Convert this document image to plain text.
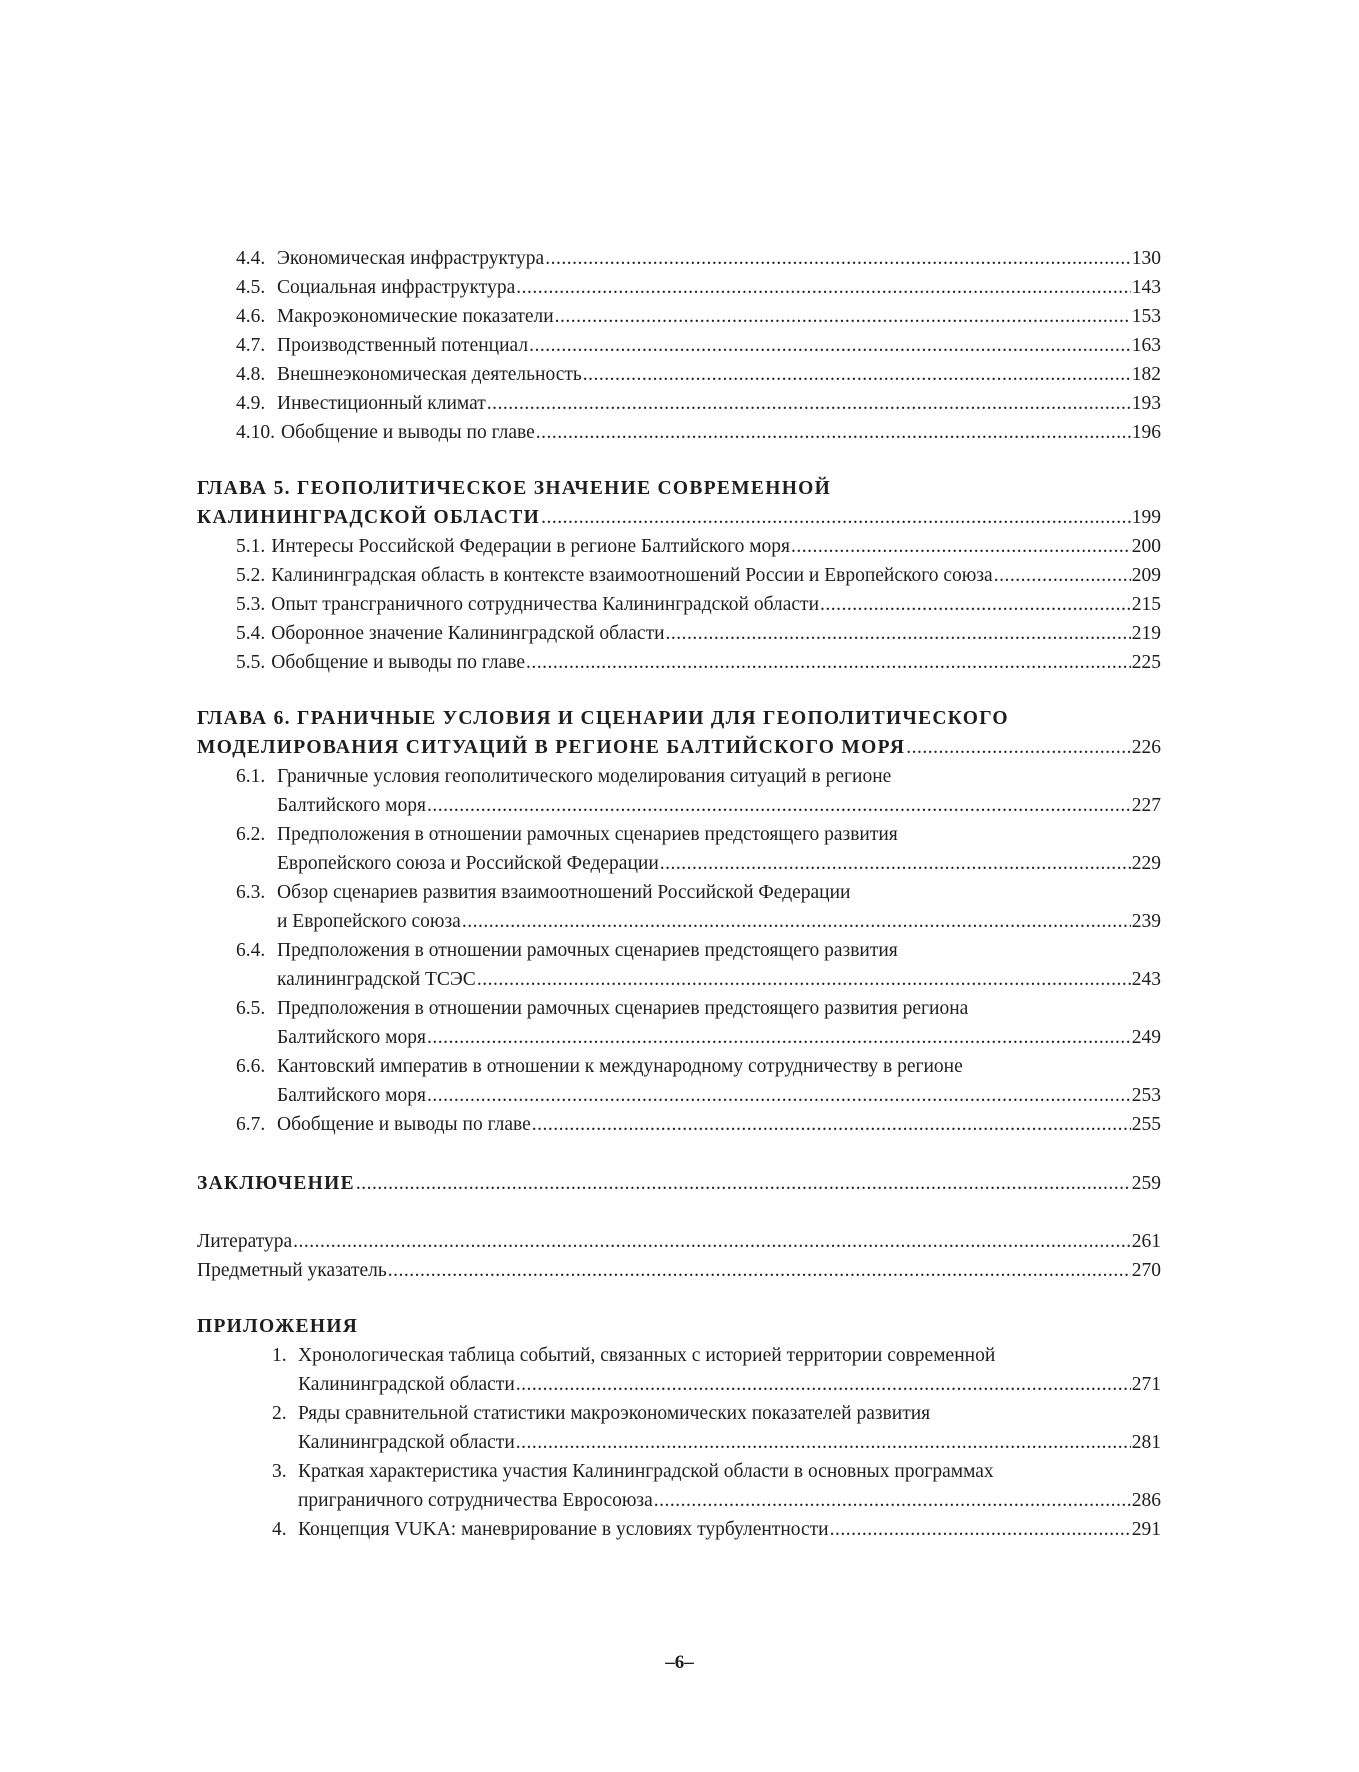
4.4. Экономическая инфраструктура .....	130
4.5. Социальная инфраструктура .....	143
4.6. Макроэкономические показатели .....	153
4.7. Производственный потенциал .....	163
4.8. Внешнеэкономическая деятельность .....	182
4.9. Инвестиционный климат .....	193
4.10. Обобщение и выводы по главе .....	196
ГЛАВА 5. ГЕОПОЛИТИЧЕСКОЕ ЗНАЧЕНИЕ СОВРЕМЕННОЙ
КАЛИНИНГРАДСКОЙ ОБЛАСТИ .....	199
5.1. Интересы Российской Федерации в регионе Балтийского моря .....	200
5.2. Калининградская область в контексте взаимоотношений России и Европейского союза .....	209
5.3. Опыт трансграничного сотрудничества Калининградской области .....	215
5.4. Оборонное значение Калининградской области .....	219
5.5. Обобщение и выводы по главе .....	225
ГЛАВА 6. ГРАНИЧНЫЕ УСЛОВИЯ И СЦЕНАРИИ ДЛЯ ГЕОПОЛИТИЧЕСКОГО
МОДЕЛИРОВАНИЯ СИТУАЦИЙ В РЕГИОНЕ БАЛТИЙСКОГО МОРЯ .....	226
6.1. Граничные условия геополитического моделирования ситуаций в регионе
Балтийского моря .....	227
6.2. Предположения в отношении рамочных сценариев предстоящего развития
Европейского союза и Российской Федерации .....	229
6.3. Обзор сценариев развития взаимоотношений Российской Федерации
и Европейского союза .....	239
6.4. Предположения в отношении рамочных сценариев предстоящего развития
калининградской ТСЭС .....	243
6.5. Предположения в отношении рамочных сценариев предстоящего развития региона
Балтийского моря .....	249
6.6. Кантовский императив в отношении к международному сотрудничеству в регионе
Балтийского моря .....	253
6.7. Обобщение и выводы по главе .....	255
ЗАКЛЮЧЕНИЕ .....	259
Литература .....	261
Предметный указатель .....	270
ПРИЛОЖЕНИЯ
1. Хронологическая таблица событий, связанных с историей территории современной
Калининградской области .....	271
2. Ряды сравнительной статистики макроэкономических показателей развития
Калининградской области .....	281
3. Краткая характеристика участия Калининградской области в основных программах
приграничного сотрудничества Евросоюза .....	286
4. Концепция VUKA: маневрирование в условиях турбулентности .....	291
–6–
